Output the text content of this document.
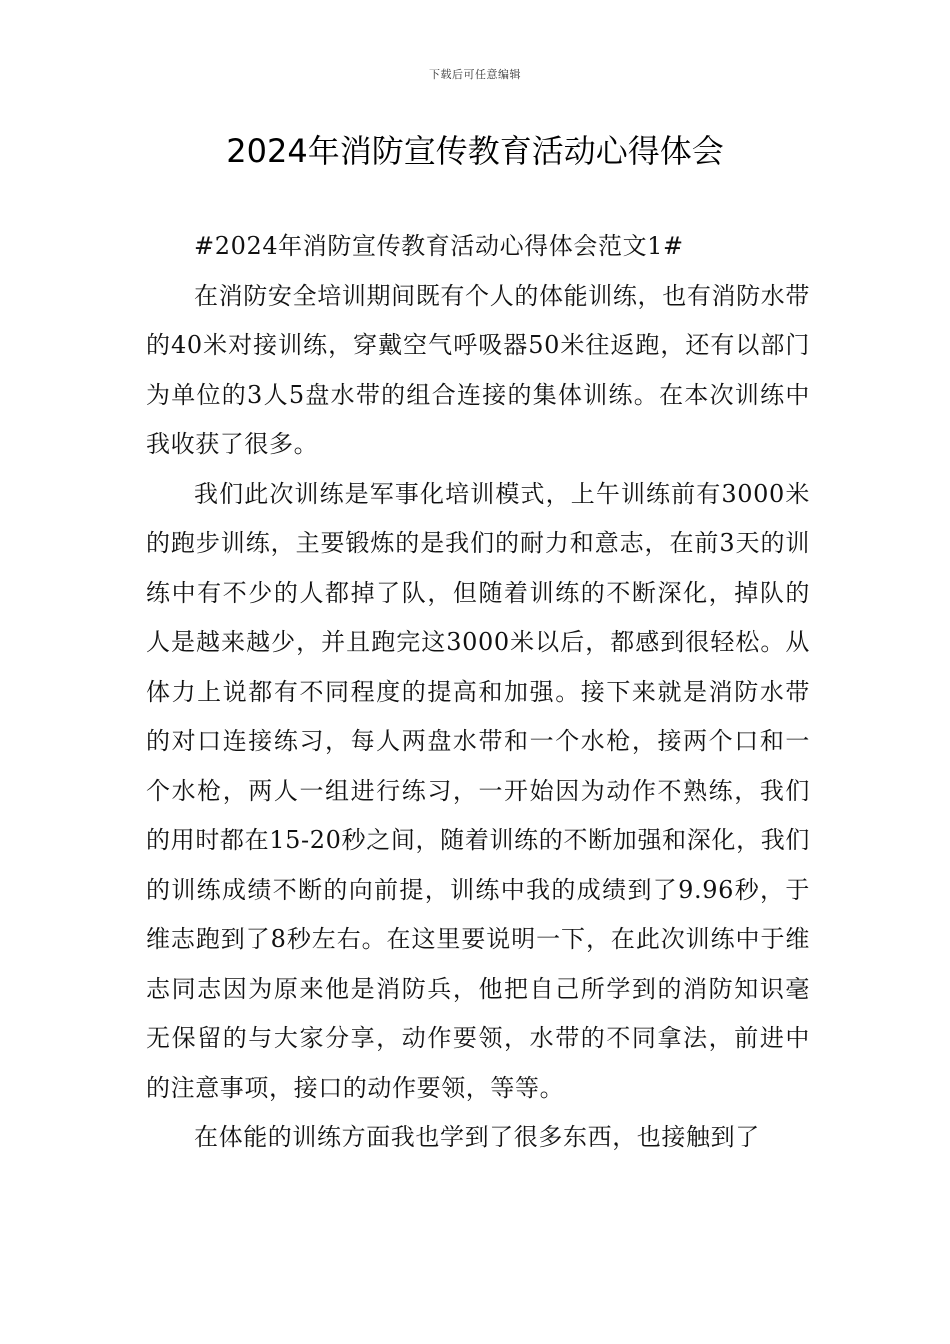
下载后可任意编辑
2024年消防宣传教育活动心得体会

#2024年消防宣传教育活动心得体会范文1#

在消防安全培训期间既有个人的体能训练，也有消防水带的40米对接训练，穿戴空气呼吸器50米往返跑，还有以部门为单位的3人5盘水带的组合连接的集体训练。在本次训练中我收获了很多。

我们此次训练是军事化培训模式，上午训练前有3000米的跑步训练，主要锻炼的是我们的耐力和意志，在前3天的训练中有不少的人都掉了队，但随着训练的不断深化，掉队的人是越来越少，并且跑完这3000米以后，都感到很轻松。从体力上说都有不同程度的提高和加强。接下来就是消防水带的对口连接练习，每人两盘水带和一个水枪，接两个口和一个水枪，两人一组进行练习，一开始因为动作不熟练，我们的用时都在15-20秒之间，随着训练的不断加强和深化，我们的训练成绩不断的向前提，训练中我的成绩到了9.96秒，于维志跑到了8秒左右。在这里要说明一下，在此次训练中于维志同志因为原来他是消防兵，他把自己所学到的消防知识毫无保留的与大家分享，动作要领，水带的不同拿法，前进中的注意事项，接口的动作要领，等等。

在体能的训练方面我也学到了很多东西，也接触到了
